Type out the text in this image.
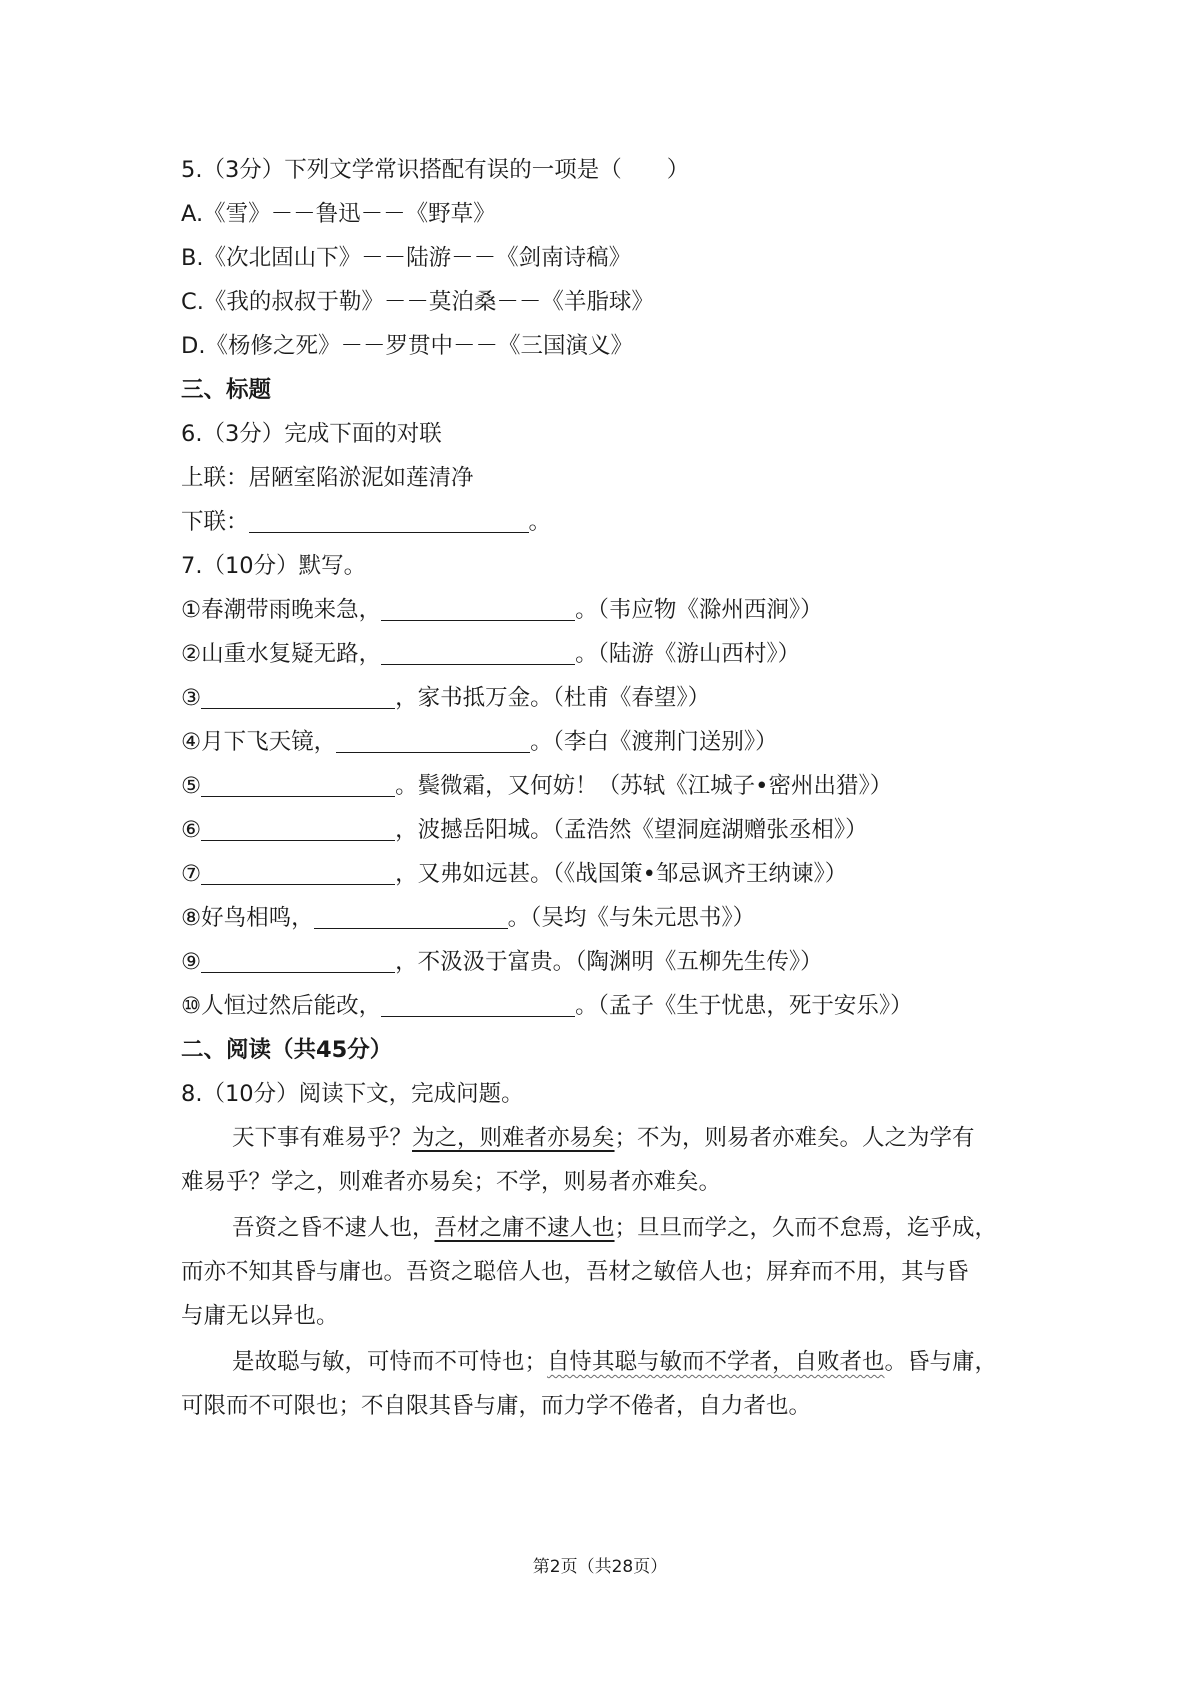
5.（3分）下列文学常识搭配有误的一项是（　　）
A.《雪》－－鲁迅－－《野草》
B.《次北固山下》－－陆游－－《剑南诗稿》
C.《我的叔叔于勒》－－莫泊桑－－《羊脂球》
D.《杨修之死》－－罗贯中－－《三国演义》
三、标题
6.（3分）完成下面的对联
上联：居陋室陷淤泥如莲清净
下联：	。
7.（10分）默写。
①春潮带雨晚来急，	。（韦应物《滁州西涧》）
②山重水复疑无路，	。（陆游《游山西村》）
③	，家书抵万金。（杜甫《春望》）
④月下飞天镜，	。（李白《渡荆门送别》）
⑤	。鬓微霜，又何妨！（苏轼《江城子•密州出猎》）
⑥	，波撼岳阳城。（孟浩然《望洞庭湖赠张丞相》）
⑦	，又弗如远甚。（《战国策•邹忌讽齐王纳谏》）
⑧好鸟相鸣，	。（吴均《与朱元思书》）
⑨	，不汲汲于富贵。（陶渊明《五柳先生传》）
⑩人恒过然后能改，	。（孟子《生于忧患，死于安乐》）
二、阅读（共45分）
8.（10分）阅读下文，完成问题。
天下事有难易乎？为之，则难者亦易矣；不为，则易者亦难矣。人之为学有
难易乎？学之，则难者亦易矣；不学，则易者亦难矣。
吾资之昏不逮人也，吾材之庸不逮人也；旦旦而学之，久而不怠焉，迄乎成，
而亦不知其昏与庸也。吾资之聪倍人也，吾材之敏倍人也；屏弃而不用，其与昏
与庸无以异也。
是故聪与敏，可恃而不可恃也；自恃其聪与敏而不学者，自败者也。昏与庸，
可限而不可限也；不自限其昏与庸，而力学不倦者，自力者也。
第2页（共28页）
